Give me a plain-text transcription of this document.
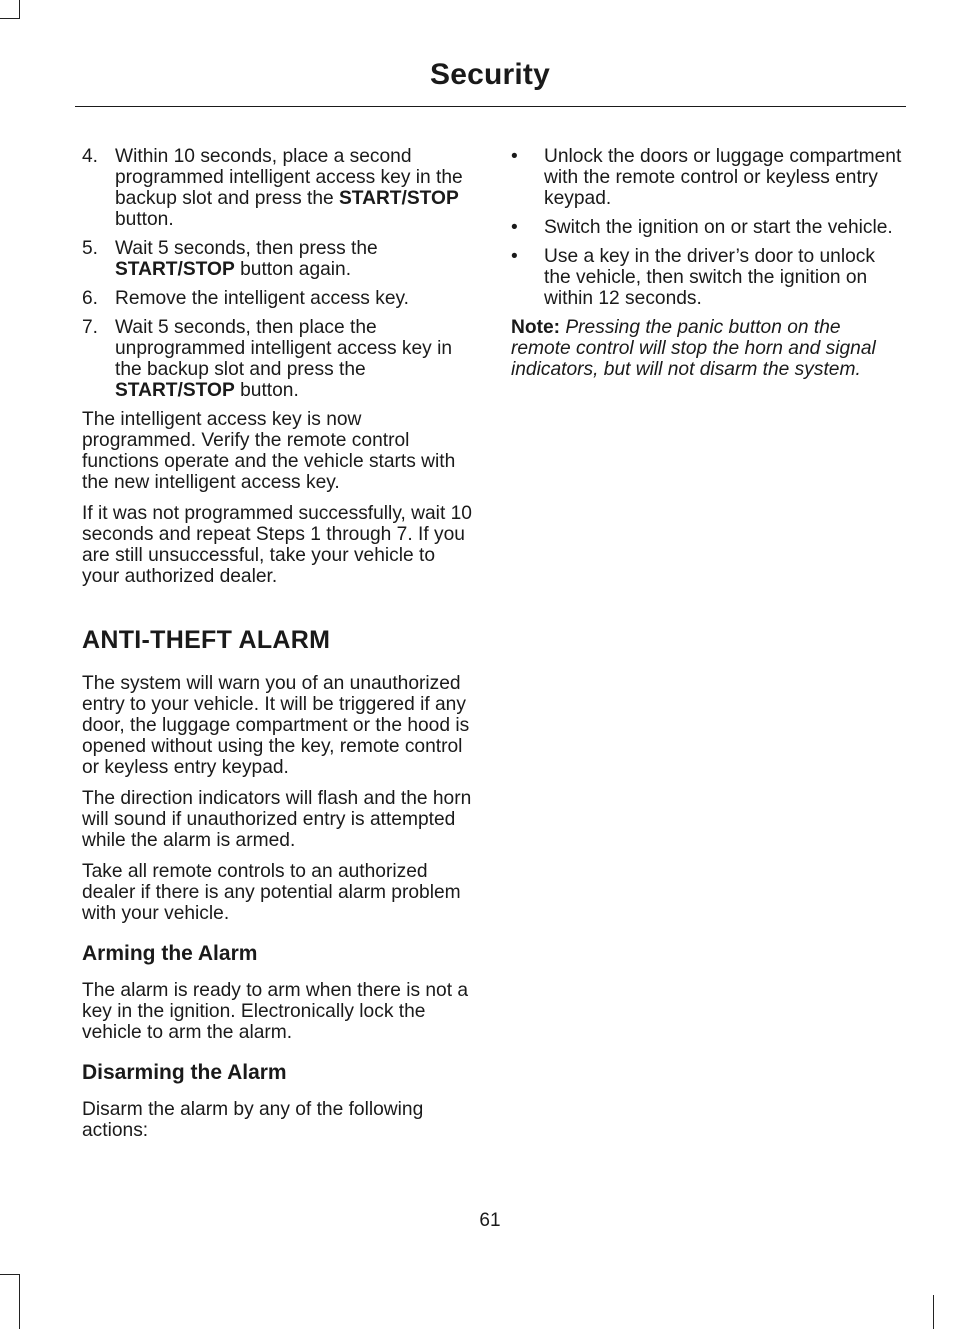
Security
4. Within 10 seconds, place a second programmed intelligent access key in the backup slot and press the START/STOP button.
5. Wait 5 seconds, then press the START/STOP button again.
6. Remove the intelligent access key.
7. Wait 5 seconds, then place the unprogrammed intelligent access key in the backup slot and press the START/STOP button.

The intelligent access key is now programmed. Verify the remote control functions operate and the vehicle starts with the new intelligent access key.

If it was not programmed successfully, wait 10 seconds and repeat Steps 1 through 7. If you are still unsuccessful, take your vehicle to your authorized dealer.

ANTI-THEFT ALARM

The system will warn you of an unauthorized entry to your vehicle. It will be triggered if any door, the luggage compartment or the hood is opened without using the key, remote control or keyless entry keypad.

The direction indicators will flash and the horn will sound if unauthorized entry is attempted while the alarm is armed.

Take all remote controls to an authorized dealer if there is any potential alarm problem with your vehicle.

Arming the Alarm

The alarm is ready to arm when there is not a key in the ignition. Electronically lock the vehicle to arm the alarm.

Disarming the Alarm

Disarm the alarm by any of the following actions:

• Unlock the doors or luggage compartment with the remote control or keyless entry keypad.
• Switch the ignition on or start the vehicle.
• Use a key in the driver’s door to unlock the vehicle, then switch the ignition on within 12 seconds.

Note: Pressing the panic button on the remote control will stop the horn and signal indicators, but will not disarm the system.

61
